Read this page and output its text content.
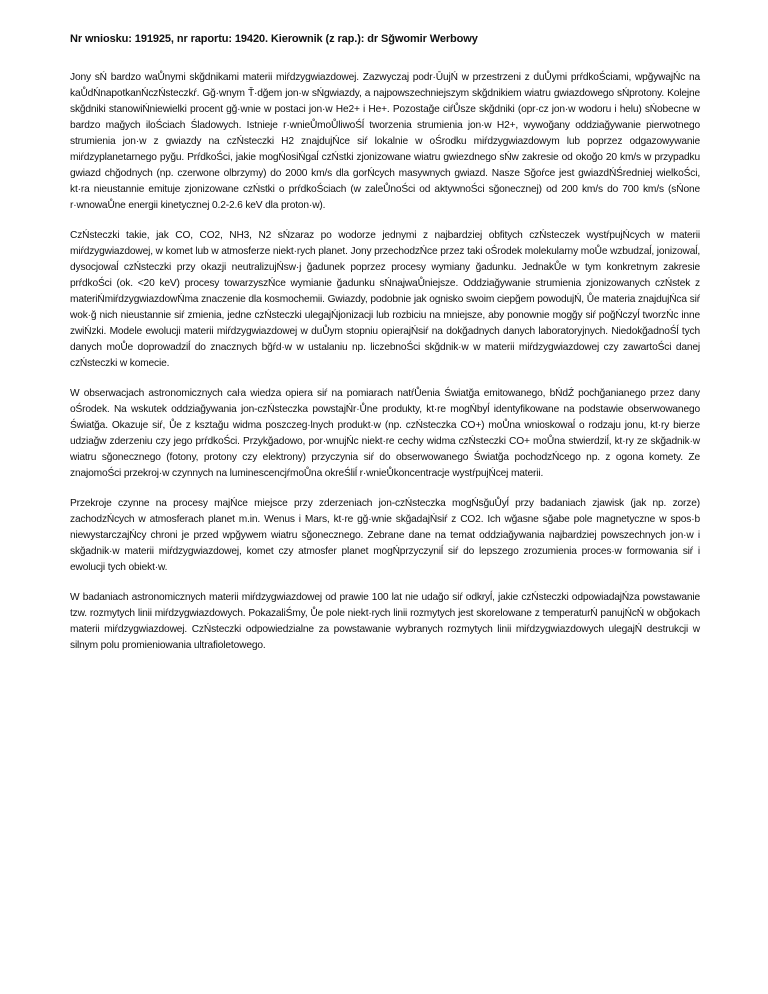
Nr wniosku: 191925, nr raportu: 19420. Kierownik (z rap.): dr Sğwomir Werbowy

Jony sŃ bardzo waŮnymi skğdnikami materii miŕdzygwiazdowej. Zazwyczaj podr·ŪujŃ w przestrzeni z duŮymi prŕdkoŚciami, wpğywajŃc na kaŮdŃnapotkanŃczŃsteczkŕ. Gğ·wnym Ť·dğem jon·w sŃgwiazdy, a najpowszechniejszym skğdnikiem wiatru gwiazdowego sŃprotony. Kolejne skğdniki stanowiŃniewielki procent gğ·wnie w postaci jon·w He2+ i He+. Pozostağe ciŕŮsze skğdniki (opr·cz jon·w wodoru i helu) sŃobecne w bardzo mağych iloŚciach Śladowych. Istnieje r·wnieŮmoŮliwoŚĺ tworzenia strumienia jon·w H2+, wywoğany oddziağywanie pierwotnego strumienia jon·w z gwiazdy na czŃsteczki H2 znajdujŃce siŕ lokalnie w oŚrodku miŕdzygwiazdowym lub poprzez odgazowywanie miŕdzyplanetarnego pyğu. PrŕdkoŚci, jakie mogŃosiŃgaĺ czŃstki zjonizowane wiatru gwiezdnego sŃw zakresie od okoğo 20 km/s w przypadku gwiazd chğodnych (np. czerwone olbrzymy) do 2000 km/s dla gorŃcych masywnych gwiazd. Nasze Sğoŕce jest gwiazdŃŚredniej wielkoŚci, kt·ra nieustannie emituje zjonizowane czŃstki o prŕdkoŚciach (w zaleŮnoŚci od aktywnoŚci sğonecznej) od 200 km/s do 700 km/s (sŃone r·wnowaŮne energii kinetycznej 0.2-2.6 keV dla proton·w).

CzŃsteczki takie, jak CO, CO2, NH3, N2 sŃzaraz po wodorze jednymi z najbardziej obfitych czŃsteczek wystŕpujŃcych w materii miŕdzygwiazdowej, w komet lub w atmosferze niekt·rych planet. Jony przechodzŃce przez taki oŚrodek molekularny moŮe wzbudzaĺ, jonizowaĺ, dysocjowaĺ czŃsteczki przy okazji neutralizujŃsw·j ğadunek poprzez procesy wymiany ğadunku. JednakŮe w tym konkretnym zakresie prŕdkoŚci (ok. <20 keV) procesy towarzyszŃce wymianie ğadunku sŃnajwaŮniejsze. Oddziağywanie strumienia zjonizowanych czŃstek z materiŃmiŕdzygwiazdowŃma znaczenie dla kosmochemii. Gwiazdy, podobnie jak ognisko swoim ciepğem powodujŃ, Ůe materia znajdujŃca siŕ wok·ğ nich nieustannie siŕ zmienia, jedne czŃsteczki ulegajŃjonizacji lub rozbiciu na mniejsze, aby ponownie mogğy siŕ poğŃczyĺ tworzŃc inne zwiŃzki. Modele ewolucji materii miŕdzygwiazdowej w duŮym stopniu opierajŃsiŕ na dokğadnych danych laboratoryjnych. NiedokğadnoŚĺ tych danych moŮe doprowadziĺ do znacznych bğŕd·w w ustalaniu np. liczebnoŚci skğdnik·w w materii miŕdzygwiazdowej czy zawartoŚci danej czŃsteczki w komecie.

W obserwacjach astronomicznych caŀa wiedza opiera siŕ na pomiarach natŕŮenia Światğa emitowanego, bŃdŹ pochğanianego przez dany oŚrodek. Na wskutek oddziağywania jon-czŃsteczka powstajŃr·Ůne produkty, kt·re mogŃbyĺ identyfikowane na podstawie obserwowanego Światğa. Okazuje siŕ, Ůe z ksztağu widma poszczeg·lnych produkt·w (np. czŃsteczka CO+) moŮna wnioskowaĺ o rodzaju jonu, kt·ry bierze udziağw zderzeniu czy jego prŕdkoŚci. Przykğadowo, por·wnujŃc niekt·re cechy widma czŃsteczki CO+ moŮna stwierdziĺ, kt·ry ze skğadnik·w wiatru sğonecznego (fotony, protony czy elektrony) przyczynia siŕ do obserwowanego Światğa pochodzŃcego np. z ogona komety. Ze znajomoŚci przekroj·w czynnych na luminescencjŕmoŮna okreŚliĺ r·wnieŮkoncentracje wystŕpujŃcej materii.

Przekroje czynne na procesy majŃce miejsce przy zderzeniach jon-czŃsteczka mogŃsğuŮyĺ przy badaniach zjawisk (jak np. zorze) zachodzŃcych w atmosferach planet m.in. Wenus i Mars, kt·re gğ·wnie skğadajŃsiŕ z CO2. Ich wğasne sğabe pole magnetyczne w spos·b niewystarczajŃcy chroni je przed wpğywem wiatru sğonecznego. Zebrane dane na temat oddziağywania najbardziej powszechnych jon·w i skğadnik·w materii miŕdzygwiazdowej, komet czy atmosfer planet mogŃprzyczyniĺ siŕ do lepszego zrozumienia proces·w formowania siŕ i ewolucji tych obiekt·w.

W badaniach astronomicznych materii miŕdzygwiazdowej od prawie 100 lat nie udağo siŕ odkryĺ, jakie czŃsteczki odpowiadajŃza powstawanie tzw. rozmytych linii miŕdzygwiazdowych. PokazaliŚmy, Ůe pole niekt·rych linii rozmytych jest skorelowane z temperaturŃ panujŃcŃ w obğokach materii miŕdzygwiazdowej. CzŃsteczki odpowiedzialne za powstawanie wybranych rozmytych linii miŕdzygwiazdowych ulegajŃ destrukcji w silnym polu promieniowania ultrafioletowego.
